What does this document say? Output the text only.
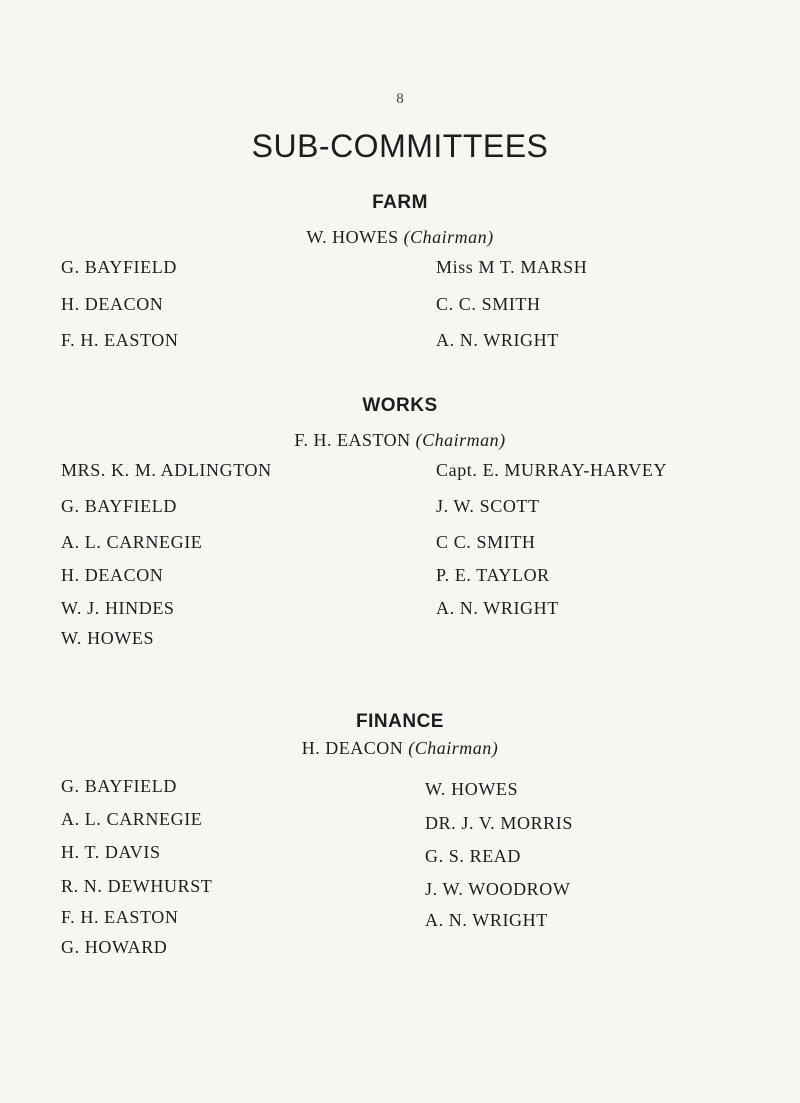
8
SUB-COMMITTEES
FARM
W. HOWES (Chairman)
G. BAYFIELD
H. DEACON
F. H. EASTON
Miss M T. MARSH
C. C. SMITH
A. N. WRIGHT
WORKS
F. H. EASTON (Chairman)
MRS. K. M. ADLINGTON
G. BAYFIELD
A. L. CARNEGIE
H. DEACON
W. J. HINDES
W. HOWES
Capt. E. MURRAY-HARVEY
J. W. SCOTT
C C. SMITH
P. E. TAYLOR
A. N. WRIGHT
FINANCE
H. DEACON (Chairman)
G. BAYFIELD
A. L. CARNEGIE
H. T. DAVIS
R. N. DEWHURST
F. H. EASTON
G. HOWARD
W. HOWES
DR. J. V. MORRIS
G. S. READ
J. W. WOODROW
A. N. WRIGHT
